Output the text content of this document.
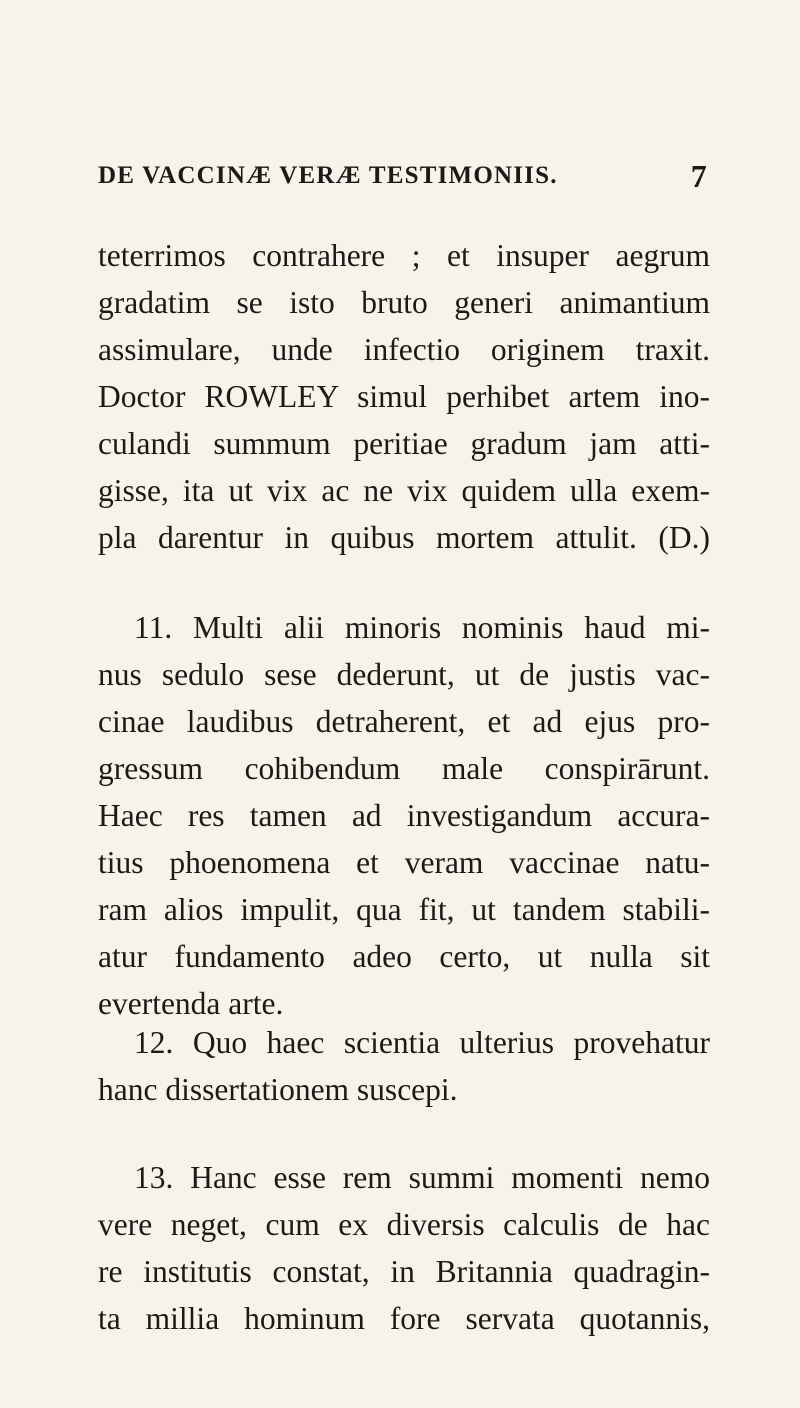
DE VACCINÆ VERÆ TESTIMONIIS.	7
teterrimos contrahere ; et insuper aegrum
gradatim se isto bruto generi animantium
assimulare, unde infectio originem traxit.
Doctor ROWLEY simul perhibet artem ino-
culandi summum peritiae gradum jam atti-
gisse, ita ut vix ac ne vix quidem ulla exem-
pla darentur in quibus mortem attulit. (D.)
11. Multi alii minoris nominis haud mi-
nus sedulo sese dederunt, ut de justis vac-
cinae laudibus detraherent, et ad ejus pro-
gressum cohibendum male conspirārunt.
Haec res tamen ad investigandum accura-
tius phoenomena et veram vaccinae natu-
ram alios impulit, qua fit, ut tandem stabili-
atur fundamento adeo certo, ut nulla sit
evertenda arte.
12. Quo haec scientia ulterius provehatur
hanc dissertationem suscepi.
13. Hanc esse rem summi momenti nemo
vere neget, cum ex diversis calculis de hac
re institutis constat, in Britannia quadragin-
ta millia hominum fore servata quotannis,
